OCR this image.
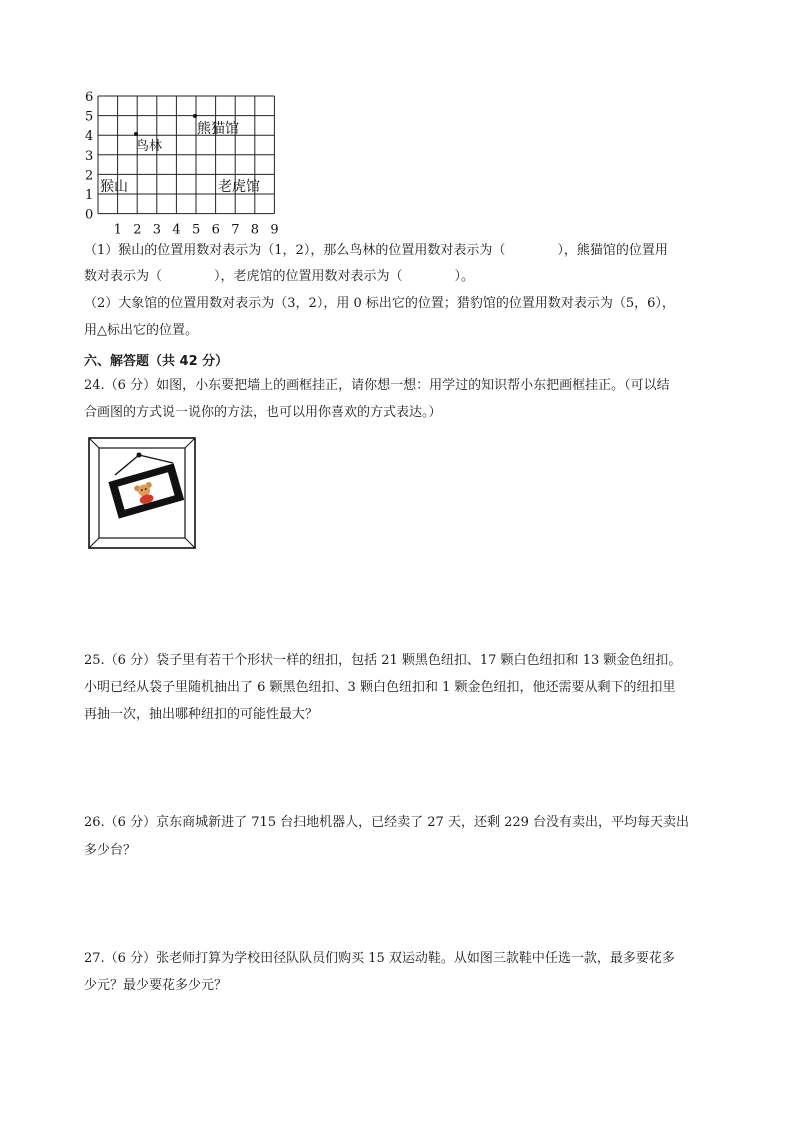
6
5
4
3
2
1
0
1 2 3 4 5 6 7 8 9
熊猫馆
鸟林
猴山	老虎馆
（1）猴山的位置用数对表示为（1，2），那么鸟林的位置用数对表示为（　　　　），熊猫馆的位置用
数对表示为（　　　　），老虎馆的位置用数对表示为（　　　　）。
（2）大象馆的位置用数对表示为（3，2），用 0 标出它的位置；猎豹馆的位置用数对表示为（5，6），
用△标出它的位置。
六、解答题（共 42 分）
24.（6 分）如图，小东要把墙上的画框挂正，请你想一想：用学过的知识帮小东把画框挂正。（可以结
合画图的方式说一说你的方法，也可以用你喜欢的方式表达。）
25.（6 分）袋子里有若干个形状一样的纽扣，包括 21 颗黑色纽扣、17 颗白色纽扣和 13 颗金色纽扣。
小明已经从袋子里随机抽出了 6 颗黑色纽扣、3 颗白色纽扣和 1 颗金色纽扣，他还需要从剩下的纽扣里
再抽一次，抽出哪种纽扣的可能性最大？
26.（6 分）京东商城新进了 715 台扫地机器人，已经卖了 27 天，还剩 229 台没有卖出，平均每天卖出
多少台？
27.（6 分）张老师打算为学校田径队队员们购买 15 双运动鞋。从如图三款鞋中任选一款，最多要花多
少元？最少要花多少元？
